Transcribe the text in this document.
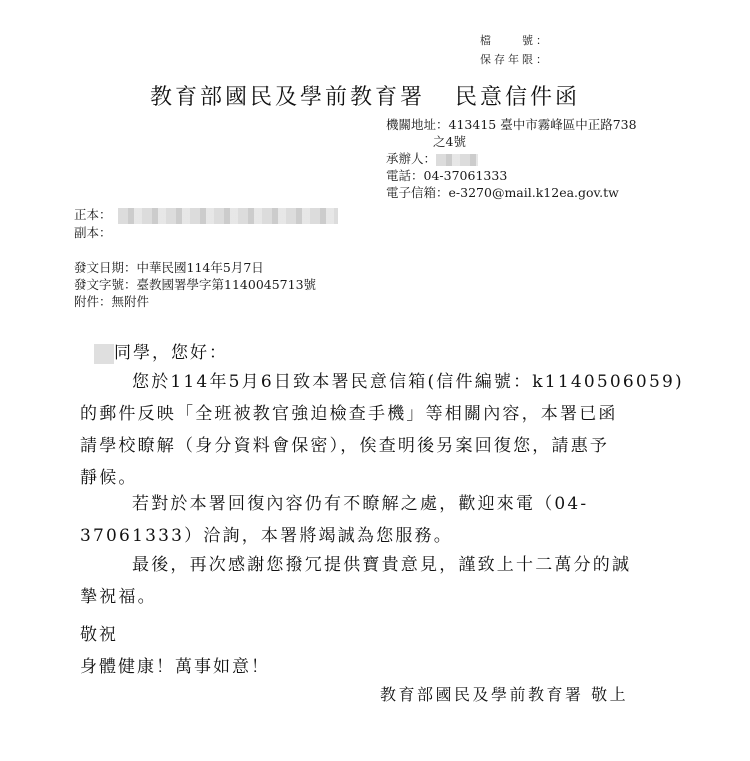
檔　　號：
保存年限：
教育部國民及學前教育署 民意信件函
機關地址：413415 臺中市霧峰區中正路738
之4號
承辦人：
電話：04-37061333
電子信箱：e-3270@mail.k12ea.gov.tw
正本：
副本：
發文日期：中華民國114年5月7日
發文字號：臺教國署學字第1140045713號
附件：無附件
同學，您好：
您於114年5月6日致本署民意信箱(信件編號：k1140506059)
的郵件反映「全班被教官強迫檢查手機」等相關內容，本署已函
請學校瞭解（身分資料會保密），俟查明後另案回復您，請惠予
靜候。
若對於本署回復內容仍有不瞭解之處，歡迎來電（04-
37061333）洽詢，本署將竭誠為您服務。
最後，再次感謝您撥冗提供寶貴意見，謹致上十二萬分的誠
摯祝福。
敬祝
身體健康！萬事如意！
教育部國民及學前教育署 敬上
